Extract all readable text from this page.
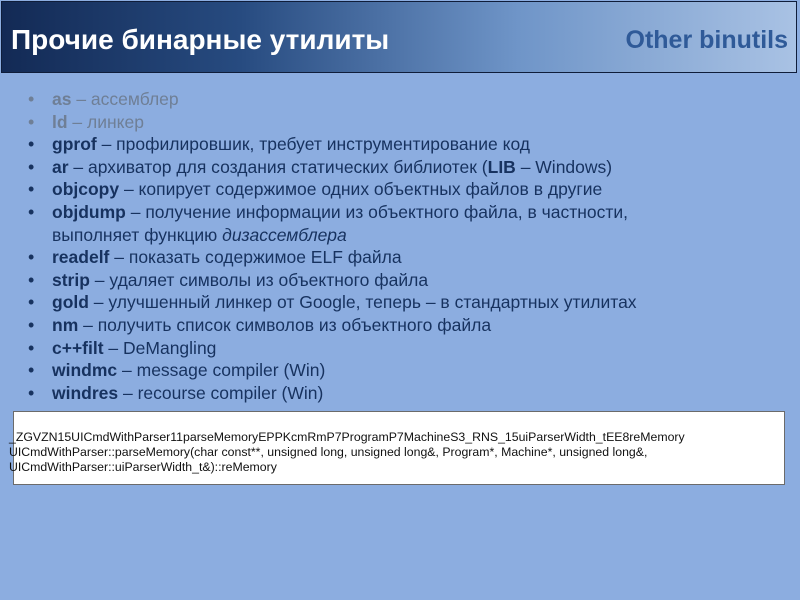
Прочие бинарные утилиты	Other binutils
• as – ассемблер
• ld – линкер
• gprof – профилировшик, требует инструментирование код
• ar – архиватор для создания статических библиотек (LIB – Windows)
• objcopy – копирует содержимое одних объектных файлов в другие
• objdump – получение информации из объектного файла, в частности,
выполняет функцию дизассемблера
• readelf – показать содержимое ELF файла
• strip – удаляет символы из объектного файла
• gold – улучшенный линкер от Google, теперь – в стандартных утилитах
• nm – получить список символов из объектного файла
• c++filt – DeMangling
• windmc – message compiler (Win)
• windres – recourse compiler (Win)
_ZGVZN15UICmdWithParser11parseMemoryEPPKcmRmP7ProgramP7MachineS3_RNS_15uiParserWidth_tEE8reMemory
UICmdWithParser::parseMemory(char const**, unsigned long, unsigned long&, Program*, Machine*, unsigned long&,
UICmdWithParser::uiParserWidth_t&)::reMemory
